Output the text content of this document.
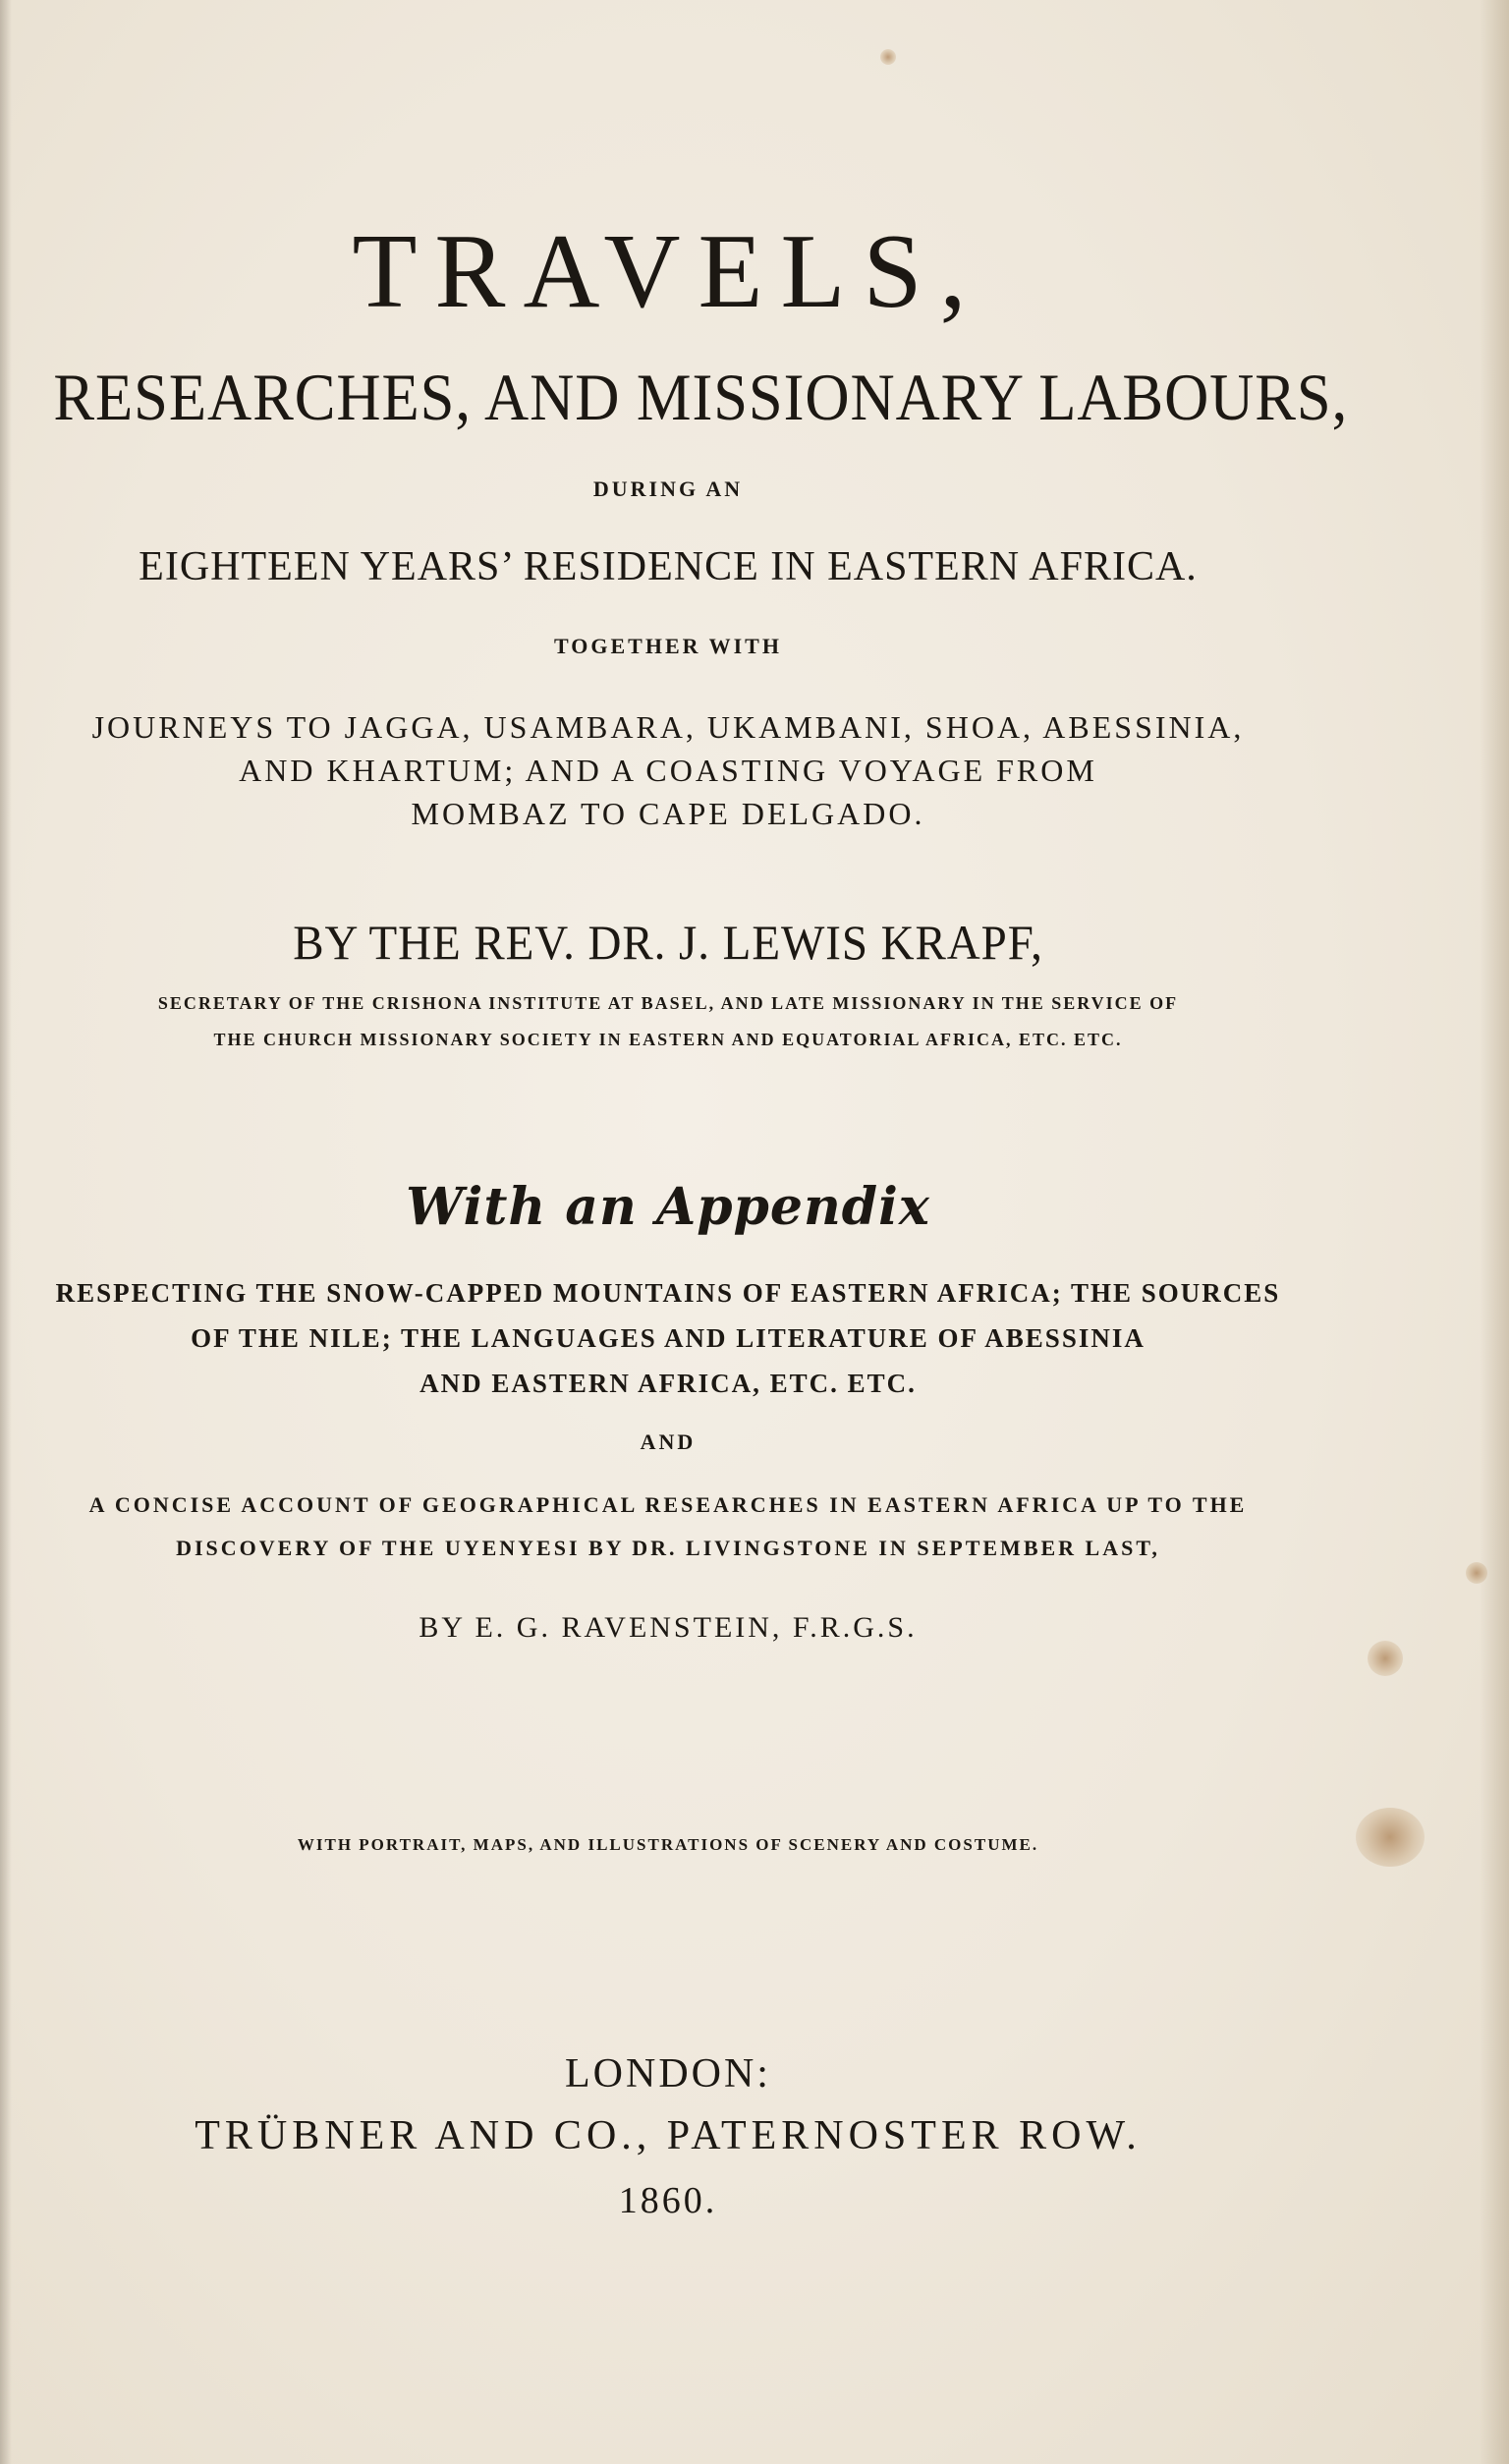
TRAVELS,
RESEARCHES, AND MISSIONARY LABOURS,
DURING AN
EIGHTEEN YEARS’ RESIDENCE IN EASTERN AFRICA.
TOGETHER WITH
JOURNEYS TO JAGGA, USAMBARA, UKAMBANI, SHOA, ABESSINIA,
AND KHARTUM; AND A COASTING VOYAGE FROM
MOMBAZ TO CAPE DELGADO.
BY THE REV. DR. J. LEWIS KRAPF,
SECRETARY OF THE CRISHONA INSTITUTE AT BASEL, AND LATE MISSIONARY IN THE SERVICE OF
THE CHURCH MISSIONARY SOCIETY IN EASTERN AND EQUATORIAL AFRICA, ETC. ETC.
With an Appendix
RESPECTING THE SNOW-CAPPED MOUNTAINS OF EASTERN AFRICA; THE SOURCES
OF THE NILE; THE LANGUAGES AND LITERATURE OF ABESSINIA
AND EASTERN AFRICA, ETC. ETC.
AND
A CONCISE ACCOUNT OF GEOGRAPHICAL RESEARCHES IN EASTERN AFRICA UP TO THE
DISCOVERY OF THE UYENYESI BY DR. LIVINGSTONE IN SEPTEMBER LAST,
BY E. G. RAVENSTEIN, F.R.G.S.
WITH PORTRAIT, MAPS, AND ILLUSTRATIONS OF SCENERY AND COSTUME.
LONDON:
TRÜBNER AND CO., PATERNOSTER ROW.
1860.
